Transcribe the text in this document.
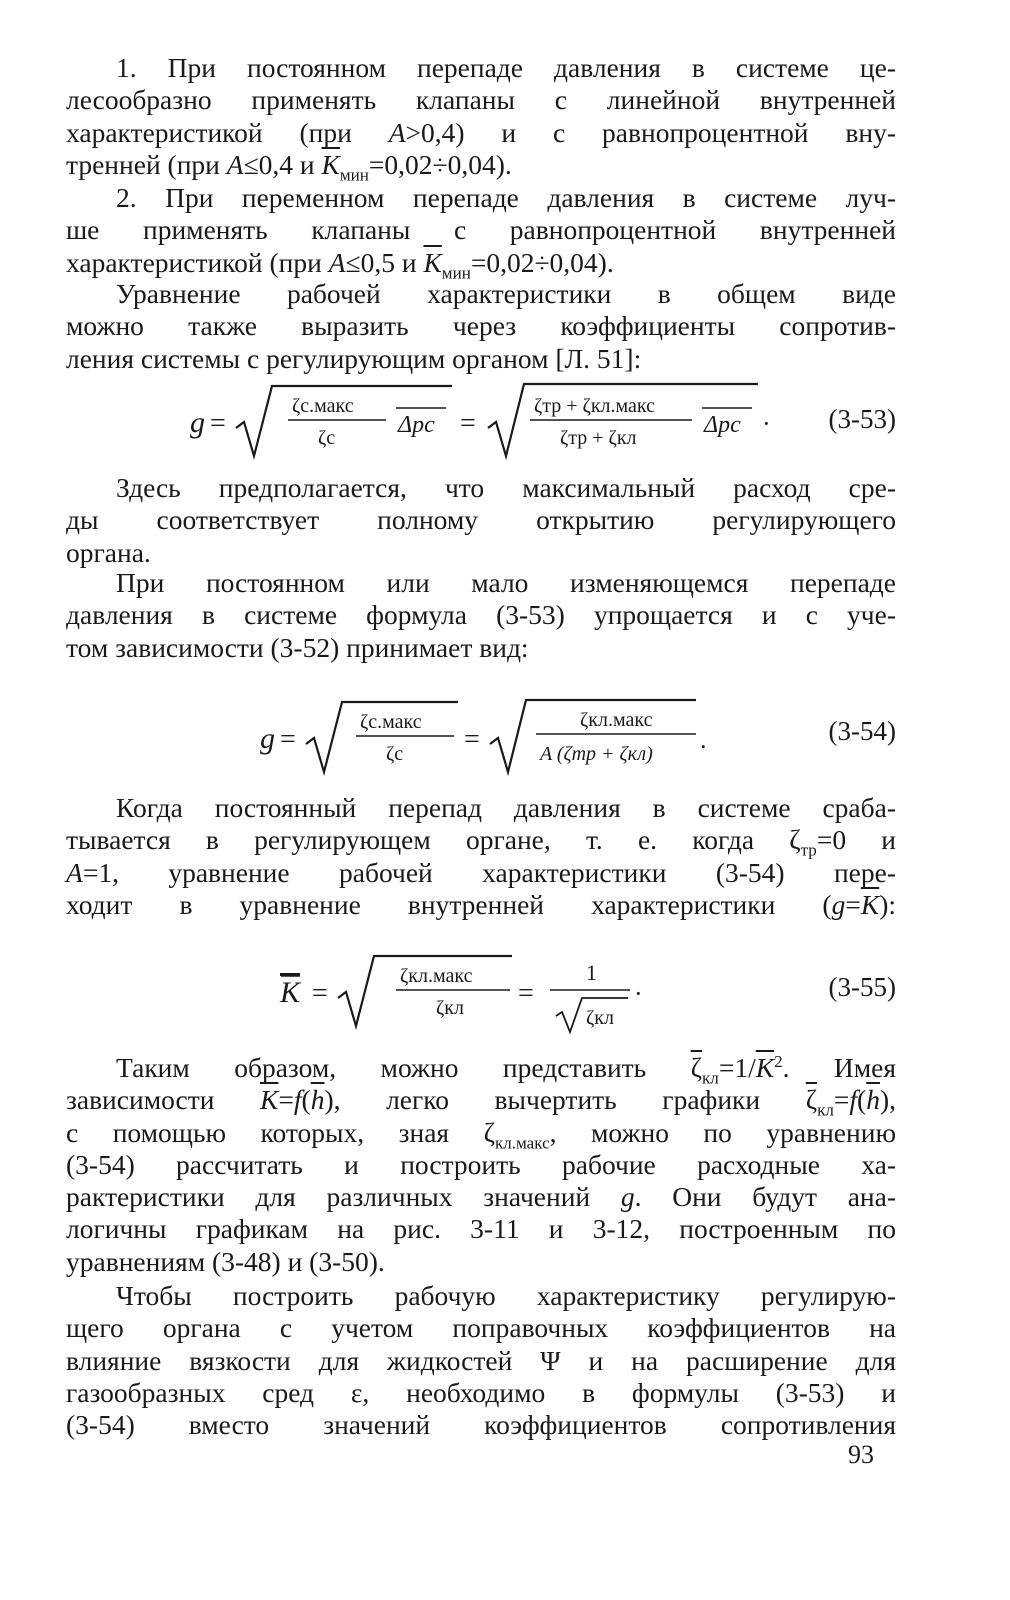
1. При постоянном перепаде давления в системе це-
лесообразно применять клапаны с линейной внутренней
характеристикой (при A>0,4) и с равнопроцентной вну-
тренней (при A≤0,4 и $\overline{K}_{мин}=0,02\div 0,04$).
2. При переменном перепаде давления в системе луч-
ше применять клапаны с равнопроцентной внутренней
характеристикой (при A≤0,5 и $\overline{K}_{мин}=0,02\div 0,04$).
Уравнение рабочей характеристики в общем виде
можно также выразить через коэффициенты сопротив-
ления системы с регулирующим органом [Л. 51]:
g =
ζс.макс
ζс	Δpс =
ζтр + ζкл.макс
ζтр + ζкл	Δpс · (3-53)
Здесь предполагается, что максимальный расход сре-
ды соответствует полному открытию регулирующего
органа.
При постоянном или мало изменяющемся перепаде
давления в системе формула (3-53) упрощается и с уче-
том зависимости (3-52) принимает вид:
g =
ζс.макс
ζс =
ζкл.макс
A (ζтр + ζкл) .	(3-54)
Когда постоянный перепад давления в системе сраба-
тывается в регулирующем органе, т. е. когда $\zeta_{тр}=0$ и
A=1, уравнение рабочей характеристики (3-54) пере-
ходит в уравнение внутренней характеристики $(g=\overline{K})$:
K =
ζкл.макс
ζкл =
1
ζкл
·	(3-55)
Таким образом, можно представить $\overline{\zeta}_{кл}=1/\overline{K}^2$. Имея
зависимости $\overline{K}=f(\overline{h})$, легко вычертить графики $\overline{\zeta}_{кл}=f(\overline{h})$,
с помощью которых, зная $\zeta_{кл.макс}$, можно по уравнению
(3-54) рассчитать и построить рабочие расходные ха-
рактеристики для различных значений g. Они будут ана-
логичны графикам на рис. 3-11 и 3-12, построенным по
уравнениям (3-48) и (3-50).
Чтобы построить рабочую характеристику регулирую-
щего органа с учетом поправочных коэффициентов на
влияние вязкости для жидкостей Ψ и на расширение для
газообразных сред ε, необходимо в формулы (3-53) и
(3-54) вместо значений коэффициентов сопротивления
93
